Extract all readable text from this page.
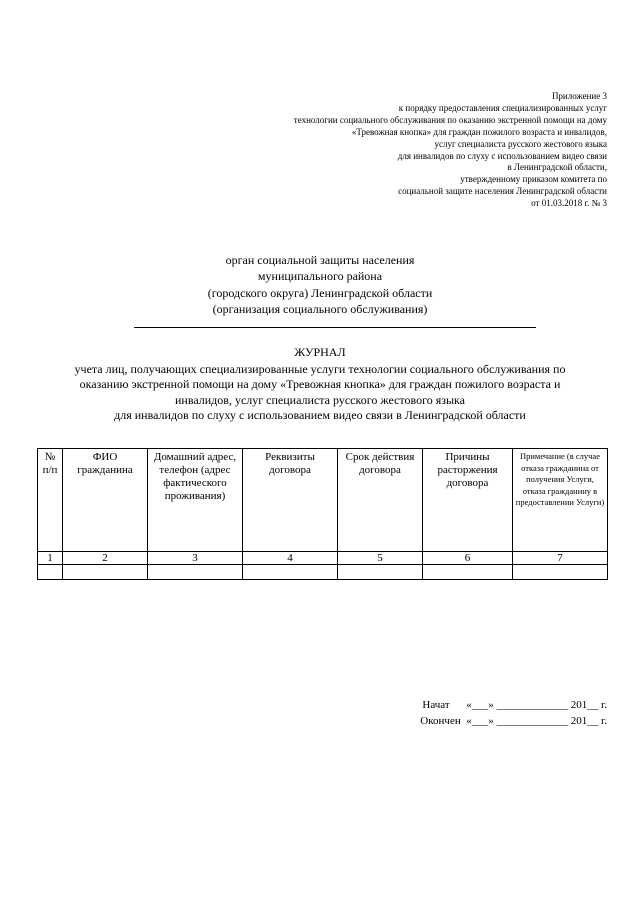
Приложение 3
к порядку предоставления специализированных услуг
технологии социального обслуживания по оказанию экстренной помощи на дому
«Тревожная кнопка» для граждан пожилого возраста и инвалидов,
услуг специалиста русского жестового языка
для инвалидов по слуху с использованием видео связи
в Ленинградской области,
утвержденному приказом комитета по
социальной защите населения Ленинградской области
от 01.03.2018 г. № 3
орган социальной защиты населения
муниципального района
(городского округа) Ленинградской области
(организация социального обслуживания)
ЖУРНАЛ
учета лиц, получающих специализированные услуги технологии социального обслуживания по
оказанию экстренной помощи на дому «Тревожная кнопка» для граждан пожилого возраста и
инвалидов, услуг специалиста русского жестового языка
для инвалидов по слуху с использованием видео связи в Ленинградской области
№ п/п	ФИО гражданина	Домашний адрес, телефон (адрес фактического проживания)	Реквизиты договора	Срок действия договора	Причины расторжения договора	Примечание (в случае отказа гражданина от получения Услуги, отказа гражданину в предоставлении Услуги)
1	2	3	4	5	6	7

Начат «___» _____________ 201__ г.
Окончен «___» _____________ 201__ г.
